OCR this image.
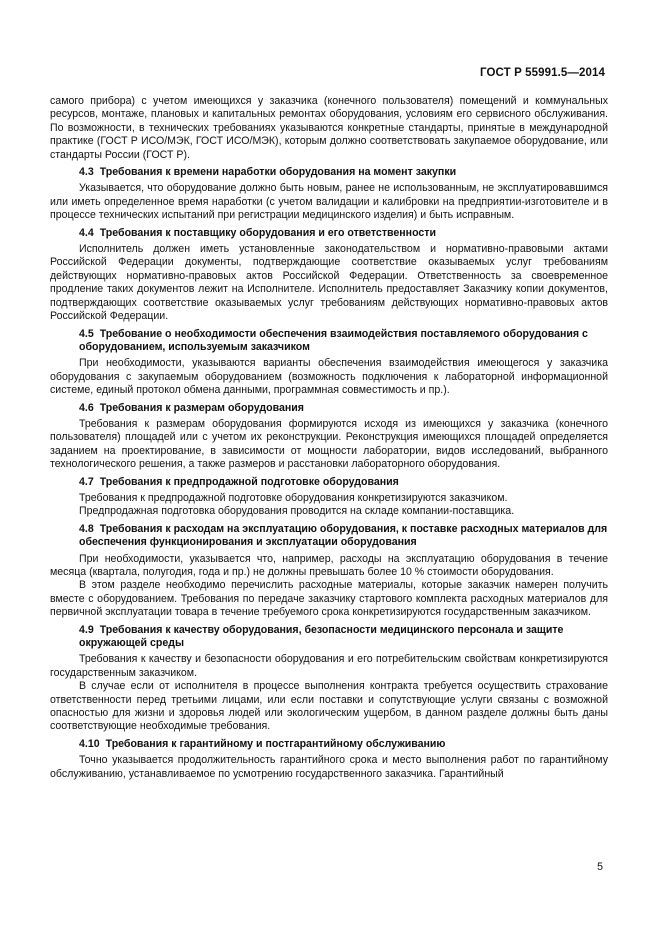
ГОСТ Р 55991.5—2014

самого прибора) с учетом имеющихся у заказчика (конечного пользователя) помещений и коммунальных ресурсов, монтаже, плановых и капитальных ремонтах оборудования, условиям его сервисного обслуживания. По возможности, в технических требованиях указываются конкретные стандарты, принятые в международной практике (ГОСТ Р ИСО/МЭК, ГОСТ ИСО/МЭК), которым должно соответствовать закупаемое оборудование, или стандарты России (ГОСТ Р).

4.3 Требования к времени наработки оборудования на момент закупки

Указывается, что оборудование должно быть новым, ранее не использованным, не эксплуатировавшимся или иметь определенное время наработки (с учетом валидации и калибровки на предприятии-изготовителе и в процессе технических испытаний при регистрации медицинского изделия) и быть исправным.

4.4 Требования к поставщику оборудования и его ответственности

Исполнитель должен иметь установленные законодательством и нормативно-правовыми актами Российской Федерации документы, подтверждающие соответствие оказываемых услуг требованиям действующих нормативно-правовых актов Российской Федерации. Ответственность за своевременное продление таких документов лежит на Исполнителе. Исполнитель предоставляет Заказчику копии документов, подтверждающих соответствие оказываемых услуг требованиям действующих нормативно-правовых актов Российской Федерации.

4.5 Требование о необходимости обеспечения взаимодействия поставляемого оборудования с оборудованием, используемым заказчиком

При необходимости, указываются варианты обеспечения взаимодействия имеющегося у заказчика оборудования с закупаемым оборудованием (возможность подключения к лабораторной информационной системе, единый протокол обмена данными, программная совместимость и пр.).

4.6 Требования к размерам оборудования

Требования к размерам оборудования формируются исходя из имеющихся у заказчика (конечного пользователя) площадей или с учетом их реконструкции. Реконструкция имеющихся площадей определяется заданием на проектирование, в зависимости от мощности лаборатории, видов исследований, выбранного технологического решения, а также размеров и расстановки лабораторного оборудования.

4.7 Требования к предпродажной подготовке оборудования

Требования к предпродажной подготовке оборудования конкретизируются заказчиком.

Предпродажная подготовка оборудования проводится на складе компании-поставщика.

4.8 Требования к расходам на эксплуатацию оборудования, к поставке расходных материалов для обеспечения функционирования и эксплуатации оборудования

При необходимости, указывается что, например, расходы на эксплуатацию оборудования в течение месяца (квартала, полугодия, года и пр.) не должны превышать более 10 % стоимости оборудования.

В этом разделе необходимо перечислить расходные материалы, которые заказчик намерен получить вместе с оборудованием. Требования по передаче заказчику стартового комплекта расходных материалов для первичной эксплуатации товара в течение требуемого срока конкретизируются государственным заказчиком.

4.9 Требования к качеству оборудования, безопасности медицинского персонала и защите окружающей среды

Требования к качеству и безопасности оборудования и его потребительским свойствам конкретизируются государственным заказчиком.

В случае если от исполнителя в процессе выполнения контракта требуется осуществить страхование ответственности перед третьими лицами, или если поставки и сопутствующие услуги связаны с возможной опасностью для жизни и здоровья людей или экологическим ущербом, в данном разделе должны быть даны соответствующие необходимые требования.

4.10 Требования к гарантийному и постгарантийному обслуживанию

Точно указывается продолжительность гарантийного срока и место выполнения работ по гарантийному обслуживанию, устанавливаемое по усмотрению государственного заказчика. Гарантийный

5
